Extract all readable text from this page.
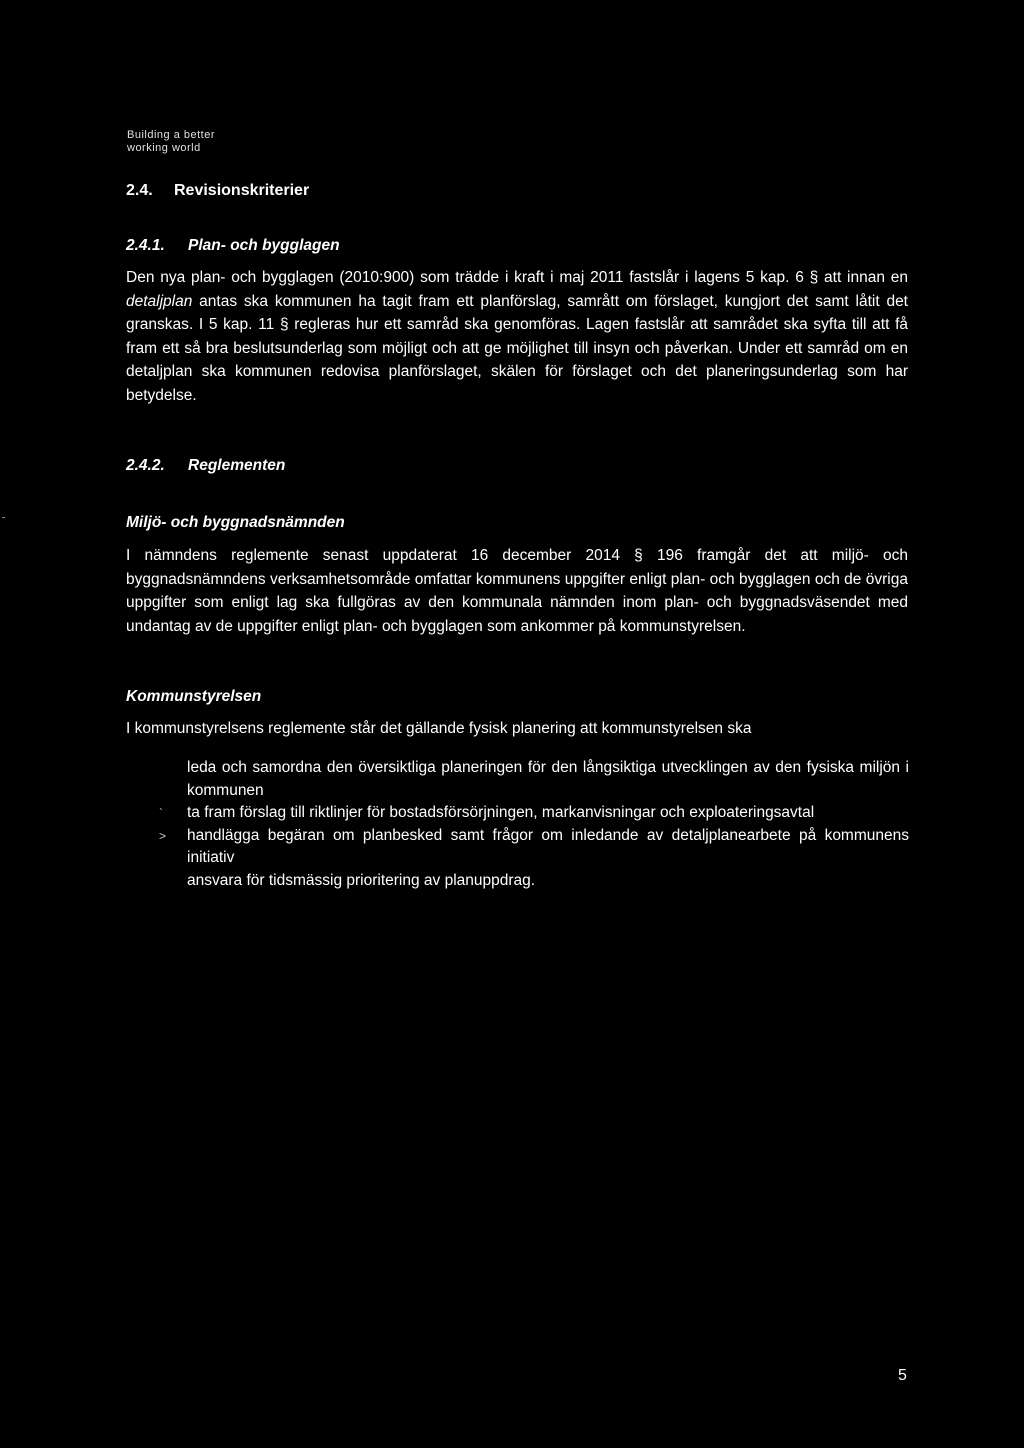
Building a better
working world
2.4. Revisionskriterier
2.4.1. Plan- och bygglagen

Den nya plan- och bygglagen (2010:900) som trädde i kraft i maj 2011 fastslår i lagens 5 kap. 6 § att innan en detaljplan antas ska kommunen ha tagit fram ett planförslag, samrått om förslaget, kungjort det samt låtit det granskas. I 5 kap. 11 § regleras hur ett samråd ska genomföras. Lagen fastslår att samrådet ska syfta till att få fram ett så bra beslutsunderlag som möjligt och att ge möjlighet till insyn och påverkan. Under ett samråd om en detaljplan ska kommunen redovisa planförslaget, skälen för förslaget och det planeringsunderlag som har betydelse.

2.4.2. Reglementen
Miljö- och byggnadsnämnden

I nämndens reglemente senast uppdaterat 16 december 2014 § 196 framgår det att miljö- och byggnadsnämndens verksamhetsområde omfattar kommunens uppgifter enligt plan- och bygglagen och de övriga uppgifter som enligt lag ska fullgöras av den kommunala nämnden inom plan- och byggnadsväsendet med undantag av de uppgifter enligt plan- och bygglagen som ankommer på kommunstyrelsen.

Kommunstyrelsen
I kommunstyrelsens reglemente står det gällande fysisk planering att kommunstyrelsen ska
leda och samordna den översiktliga planeringen för den långsiktiga utvecklingen av den fysiska miljön i kommunen
` ta fram förslag till riktlinjer för bostadsförsörjningen, markanvisningar och exploateringsavtal
> handlägga begäran om planbesked samt frågor om inledande av detaljplanearbete på kommunens initiativ
ansvara för tidsmässig prioritering av planuppdrag.
5
